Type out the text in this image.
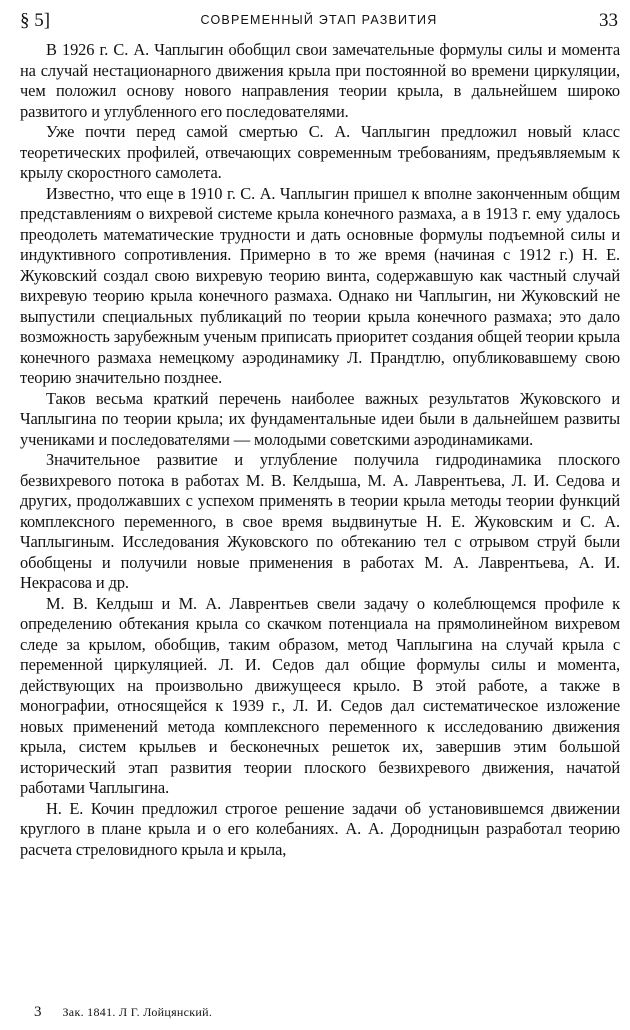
§ 5]	СОВРЕМЕННЫЙ ЭТАП РАЗВИТИЯ	33

В 1926 г. С. А. Чаплыгин обобщил свои замечательные формулы силы и момента на случай нестационарного движения крыла при постоянной во времени циркуляции, чем положил основу нового направления теории крыла, в дальнейшем широко развитого и углубленного его последователями.

Уже почти перед самой смертью С. А. Чаплыгин предложил новый класс теоретических профилей, отвечающих современным требованиям, предъявляемым к крылу скоростного самолета.

Известно, что еще в 1910 г. С. А. Чаплыгин пришел к вполне законченным общим представлениям о вихревой системе крыла конечного размаха, а в 1913 г. ему удалось преодолеть математические трудности и дать основные формулы подъемной силы и индуктивного сопротивления. Примерно в то же время (начиная с 1912 г.) Н. Е. Жуковский создал свою вихревую теорию винта, содержавшую как частный случай вихревую теорию крыла конечного размаха. Однако ни Чаплыгин, ни Жуковский не выпустили специальных публикаций по теории крыла конечного размаха; это дало возможность зарубежным ученым приписать приоритет создания общей теории крыла конечного размаха немецкому аэродинамику Л. Прандтлю, опубликовавшему свою теорию значительно позднее.

Таков весьма краткий перечень наиболее важных результатов Жуковского и Чаплыгина по теории крыла; их фундаментальные идеи были в дальнейшем развиты учениками и последователями — молодыми советскими аэродинамиками.

Значительное развитие и углубление получила гидродинамика плоского безвихревого потока в работах М. В. Келдыша, М. А. Лаврентьева, Л. И. Седова и других, продолжавших с успехом применять в теории крыла методы теории функций комплексного переменного, в свое время выдвинутые Н. Е. Жуковским и С. А. Чаплыгиным. Исследования Жуковского по обтеканию тел с отрывом струй были обобщены и получили новые применения в работах М. А. Лаврентьева, А. И. Некрасова и др.

М. В. Келдыш и М. А. Лаврентьев свели задачу о колеблющемся профиле к определению обтекания крыла со скачком потенциала на прямолинейном вихревом следе за крылом, обобщив, таким образом, метод Чаплыгина на случай крыла с переменной циркуляцией. Л. И. Седов дал общие формулы силы и момента, действующих на произвольно движущееся крыло. В этой работе, а также в монографии, относящейся к 1939 г., Л. И. Седов дал систематическое изложение новых применений метода комплексного переменного к исследованию движения крыла, систем крыльев и бесконечных решеток их, завершив этим большой исторический этап развития теории плоского безвихревого движения, начатой работами Чаплыгина.

Н. Е. Кочин предложил строгое решение задачи об установившемся движении круглого в плане крыла и о его колебаниях. А. А. Дородницын разработал теорию расчета стреловидного крыла и крыла,

3 Зак. 1841. Л Г. Лойцянский.
